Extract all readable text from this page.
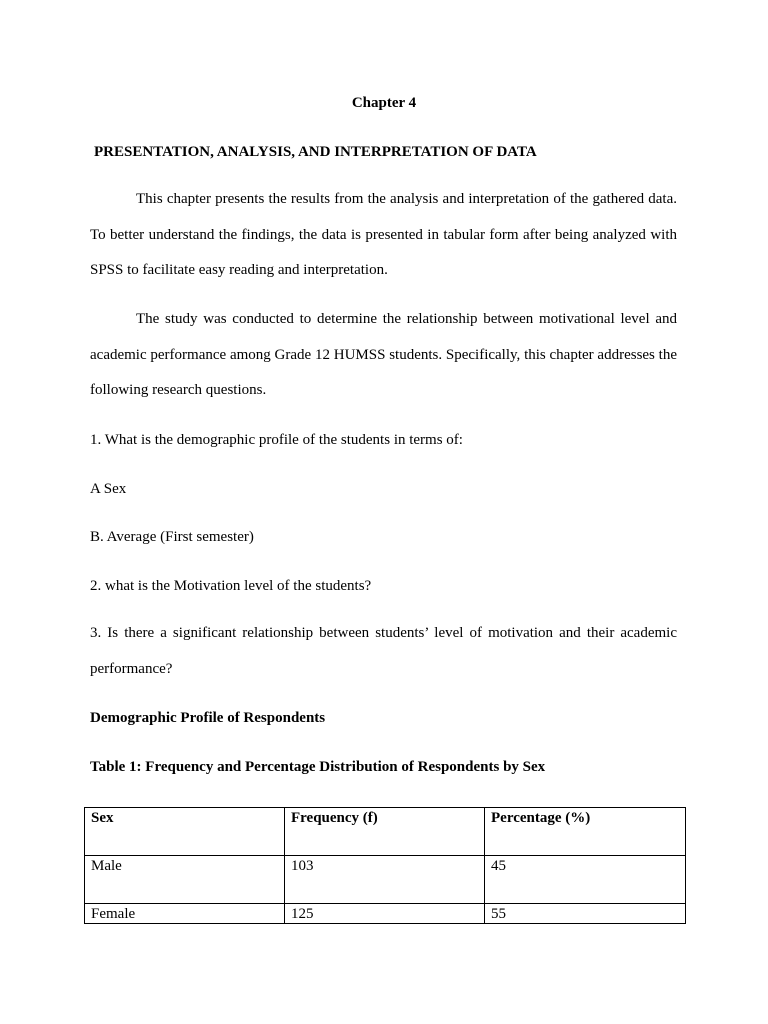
Chapter 4
PRESENTATION, ANALYSIS, AND INTERPRETATION OF DATA

This chapter presents the results from the analysis and interpretation of the gathered data. To better understand the findings, the data is presented in tabular form after being analyzed with SPSS to facilitate easy reading and interpretation.

The study was conducted to determine the relationship between motivational level and academic performance among Grade 12 HUMSS students. Specifically, this chapter addresses the following research questions.

1. What is the demographic profile of the students in terms of:
A Sex
B. Average (First semester)
2. what is the Motivation level of the students?

3. Is there a significant relationship between students’ level of motivation and their academic performance?

Demographic Profile of Respondents
Table 1: Frequency and Percentage Distribution of Respondents by Sex
Sex	Frequency (f)	Percentage (%)
Male	103	45
Female	125	55
